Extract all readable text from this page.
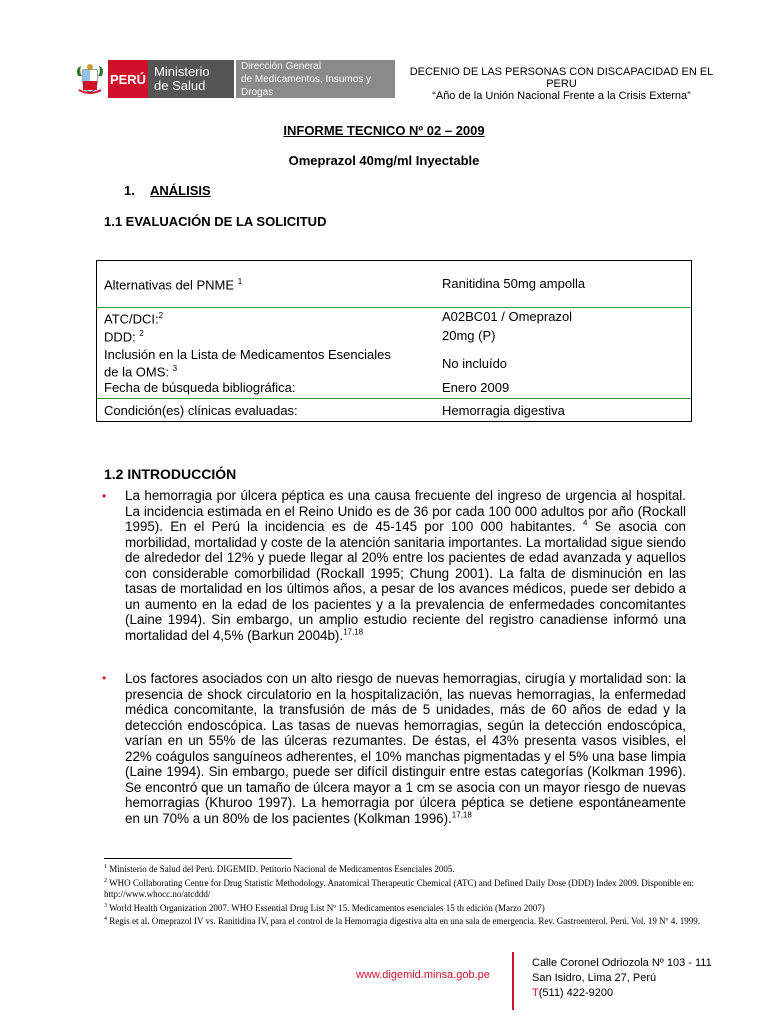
PERÚ Ministerio
de Salud
Dirección General
de Medicamentos, Insumos y Drogas
DECENIO DE LAS PERSONAS CON DISCAPACIDAD EN EL PERU
“Año de la Unión Nacional Frente a la Crisis Externa”
INFORME TECNICO Nº 02 – 2009
Omeprazol 40mg/ml Inyectable
1. ANÁLISIS
1.1 EVALUACIÓN DE LA SOLICITUD
Alternativas del PNME $^1$	Ranitidina 50mg ampolla
ATC/DCI:$^2$	A02BC01 / Omeprazol
DDD: $^2$	20mg (P)
Inclusión en la Lista de Medicamentos Esenciales
de la OMS: $^3$	No incluído
Fecha de búsqueda bibliográfica:	Enero 2009
Condición(es) clínicas evaluadas:	Hemorragia digestiva
1.2 INTRODUCCIÓN
• La hemorragia por úlcera péptica es una causa frecuente del ingreso de urgencia al hospital. La incidencia estimada en el Reino Unido es de 36 por cada 100 000 adultos por año (Rockall 1995). En el Perú la incidencia es de 45-145 por 100 000 habitantes. $^4$ Se asocia con morbilidad, mortalidad y coste de la atención sanitaria importantes. La mortalidad sigue siendo de alrededor del 12% y puede llegar al 20% entre los pacientes de edad avanzada y aquellos con considerable comorbilidad (Rockall 1995; Chung 2001). La falta de disminución en las tasas de mortalidad en los últimos años, a pesar de los avances médicos, puede ser debido a un aumento en la edad de los pacientes y a la prevalencia de enfermedades concomitantes (Laine 1994). Sin embargo, un amplio estudio reciente del registro canadiense informó una mortalidad del 4,5% (Barkun 2004b).$^{17,18}$
• Los factores asociados con un alto riesgo de nuevas hemorragias, cirugía y mortalidad son: la presencia de shock circulatorio en la hospitalización, las nuevas hemorragias, la enfermedad médica concomitante, la transfusión de más de 5 unidades, más de 60 años de edad y la detección endoscópica. Las tasas de nuevas hemorragias, según la detección endoscópica, varían en un 55% de las úlceras rezumantes. De éstas, el 43% presenta vasos visibles, el 22% coágulos sanguíneos adherentes, el 10% manchas pigmentadas y el 5% una base limpia (Laine 1994). Sin embargo, puede ser difícil distinguir entre estas categorías (Kolkman 1996). Se encontró que un tamaño de úlcera mayor a 1 cm se asocia con un mayor riesgo de nuevas hemorragias (Khuroo 1997). La hemorragia por úlcera péptica se detiene espontáneamente en un 70% a un 80% de los pacientes (Kolkman 1996).$^{17,18}$
$^1$ Ministerio de Salud del Perú. DIGEMID. Petitorio Nacional de Medicamentos Esenciales 2005.
$^2$ WHO Collaborating Centre for Drug Statistic Methodology. Anatomical Therapeutic Chemical (ATC) and Defined Daily Dose (DDD) Index 2009. Disponible en: http://www.whocc.no/atcddd/
$^3$ World Health Organization 2007. WHO Essential Drug List Nº 15. Medicamentos esenciales 15 th edición (Marzo 2007)
$^4$ Regis et al. Omeprazol IV vs. Ranitidina IV, para el control de la Hemorragia digestiva alta en una sala de emergencia. Rev. Gastroenterol. Perú. Vol. 19 Nº 4. 1999.
www.digemid.minsa.gob.pe
Calle Coronel Odriozola Nº 103 - 111
San Isidro, Lima 27, Perú
T(511) 422-9200
